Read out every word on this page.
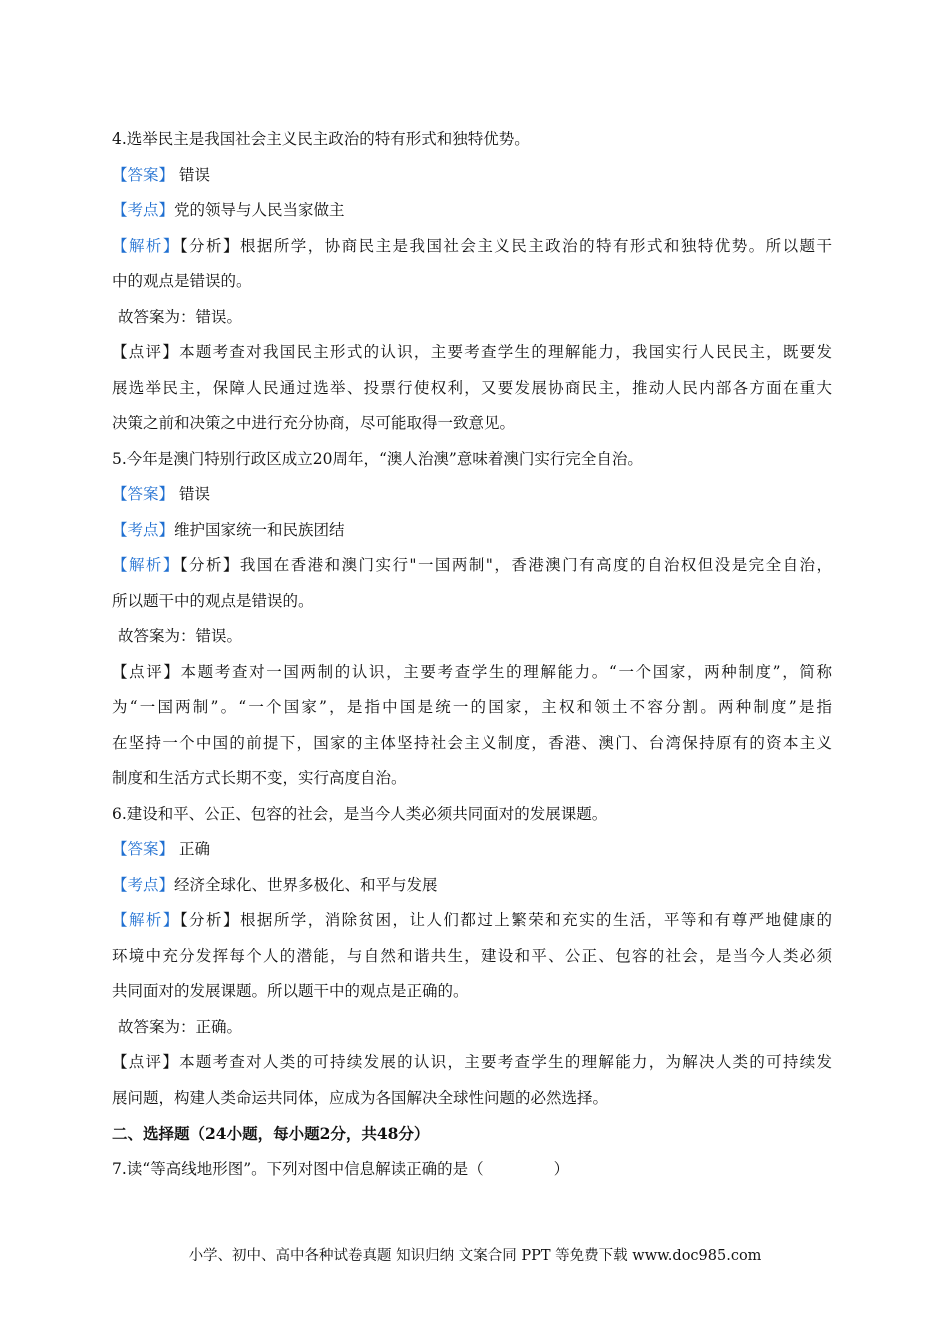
4.选举民主是我国社会主义民主政治的特有形式和独特优势。
【答案】 错误
【考点】党的领导与人民当家做主
【解析】【分析】根据所学，协商民主是我国社会主义民主政治的特有形式和独特优势。所以题干
中的观点是错误的。
故答案为：错误。
【点评】本题考查对我国民主形式的认识，主要考查学生的理解能力，我国实行人民民主，既要发
展选举民主，保障人民通过选举、投票行使权利，又要发展协商民主，推动人民内部各方面在重大
决策之前和决策之中进行充分协商，尽可能取得一致意见。
5.今年是澳门特别行政区成立20周年，“澳人治澳”意味着澳门实行完全自治。
【答案】 错误
【考点】维护国家统一和民族团结
【解析】【分析】我国在香港和澳门实行"一国两制"，香港澳门有高度的自治权但没是完全自治，
所以题干中的观点是错误的。
故答案为：错误。
【点评】本题考查对一国两制的认识，主要考查学生的理解能力。“一个国家，两种制度”，简称
为“一国两制”。“一个国家”，是指中国是统一的国家，主权和领土不容分割。两种制度”是指
在坚持一个中国的前提下，国家的主体坚持社会主义制度，香港、澳门、台湾保持原有的资本主义
制度和生活方式长期不变，实行高度自治。
6.建设和平、公正、包容的社会，是当今人类必须共同面对的发展课题。
【答案】 正确
【考点】经济全球化、世界多极化、和平与发展
【解析】【分析】根据所学，消除贫困，让人们都过上繁荣和充实的生活，平等和有尊严地健康的
环境中充分发挥每个人的潜能，与自然和谐共生，建设和平、公正、包容的社会，是当今人类必须
共同面对的发展课题。所以题干中的观点是正确的。
故答案为：正确。
【点评】本题考查对人类的可持续发展的认识，主要考查学生的理解能力，为解决人类的可持续发
展问题，构建人类命运共同体，应成为各国解决全球性问题的必然选择。
二、选择题（24小题，每小题2分，共48分）
7.读“等高线地形图”。下列对图中信息解读正确的是（	）
小学、初中、高中各种试卷真题 知识归纳 文案合同 PPT 等免费下载 www.doc985.com
